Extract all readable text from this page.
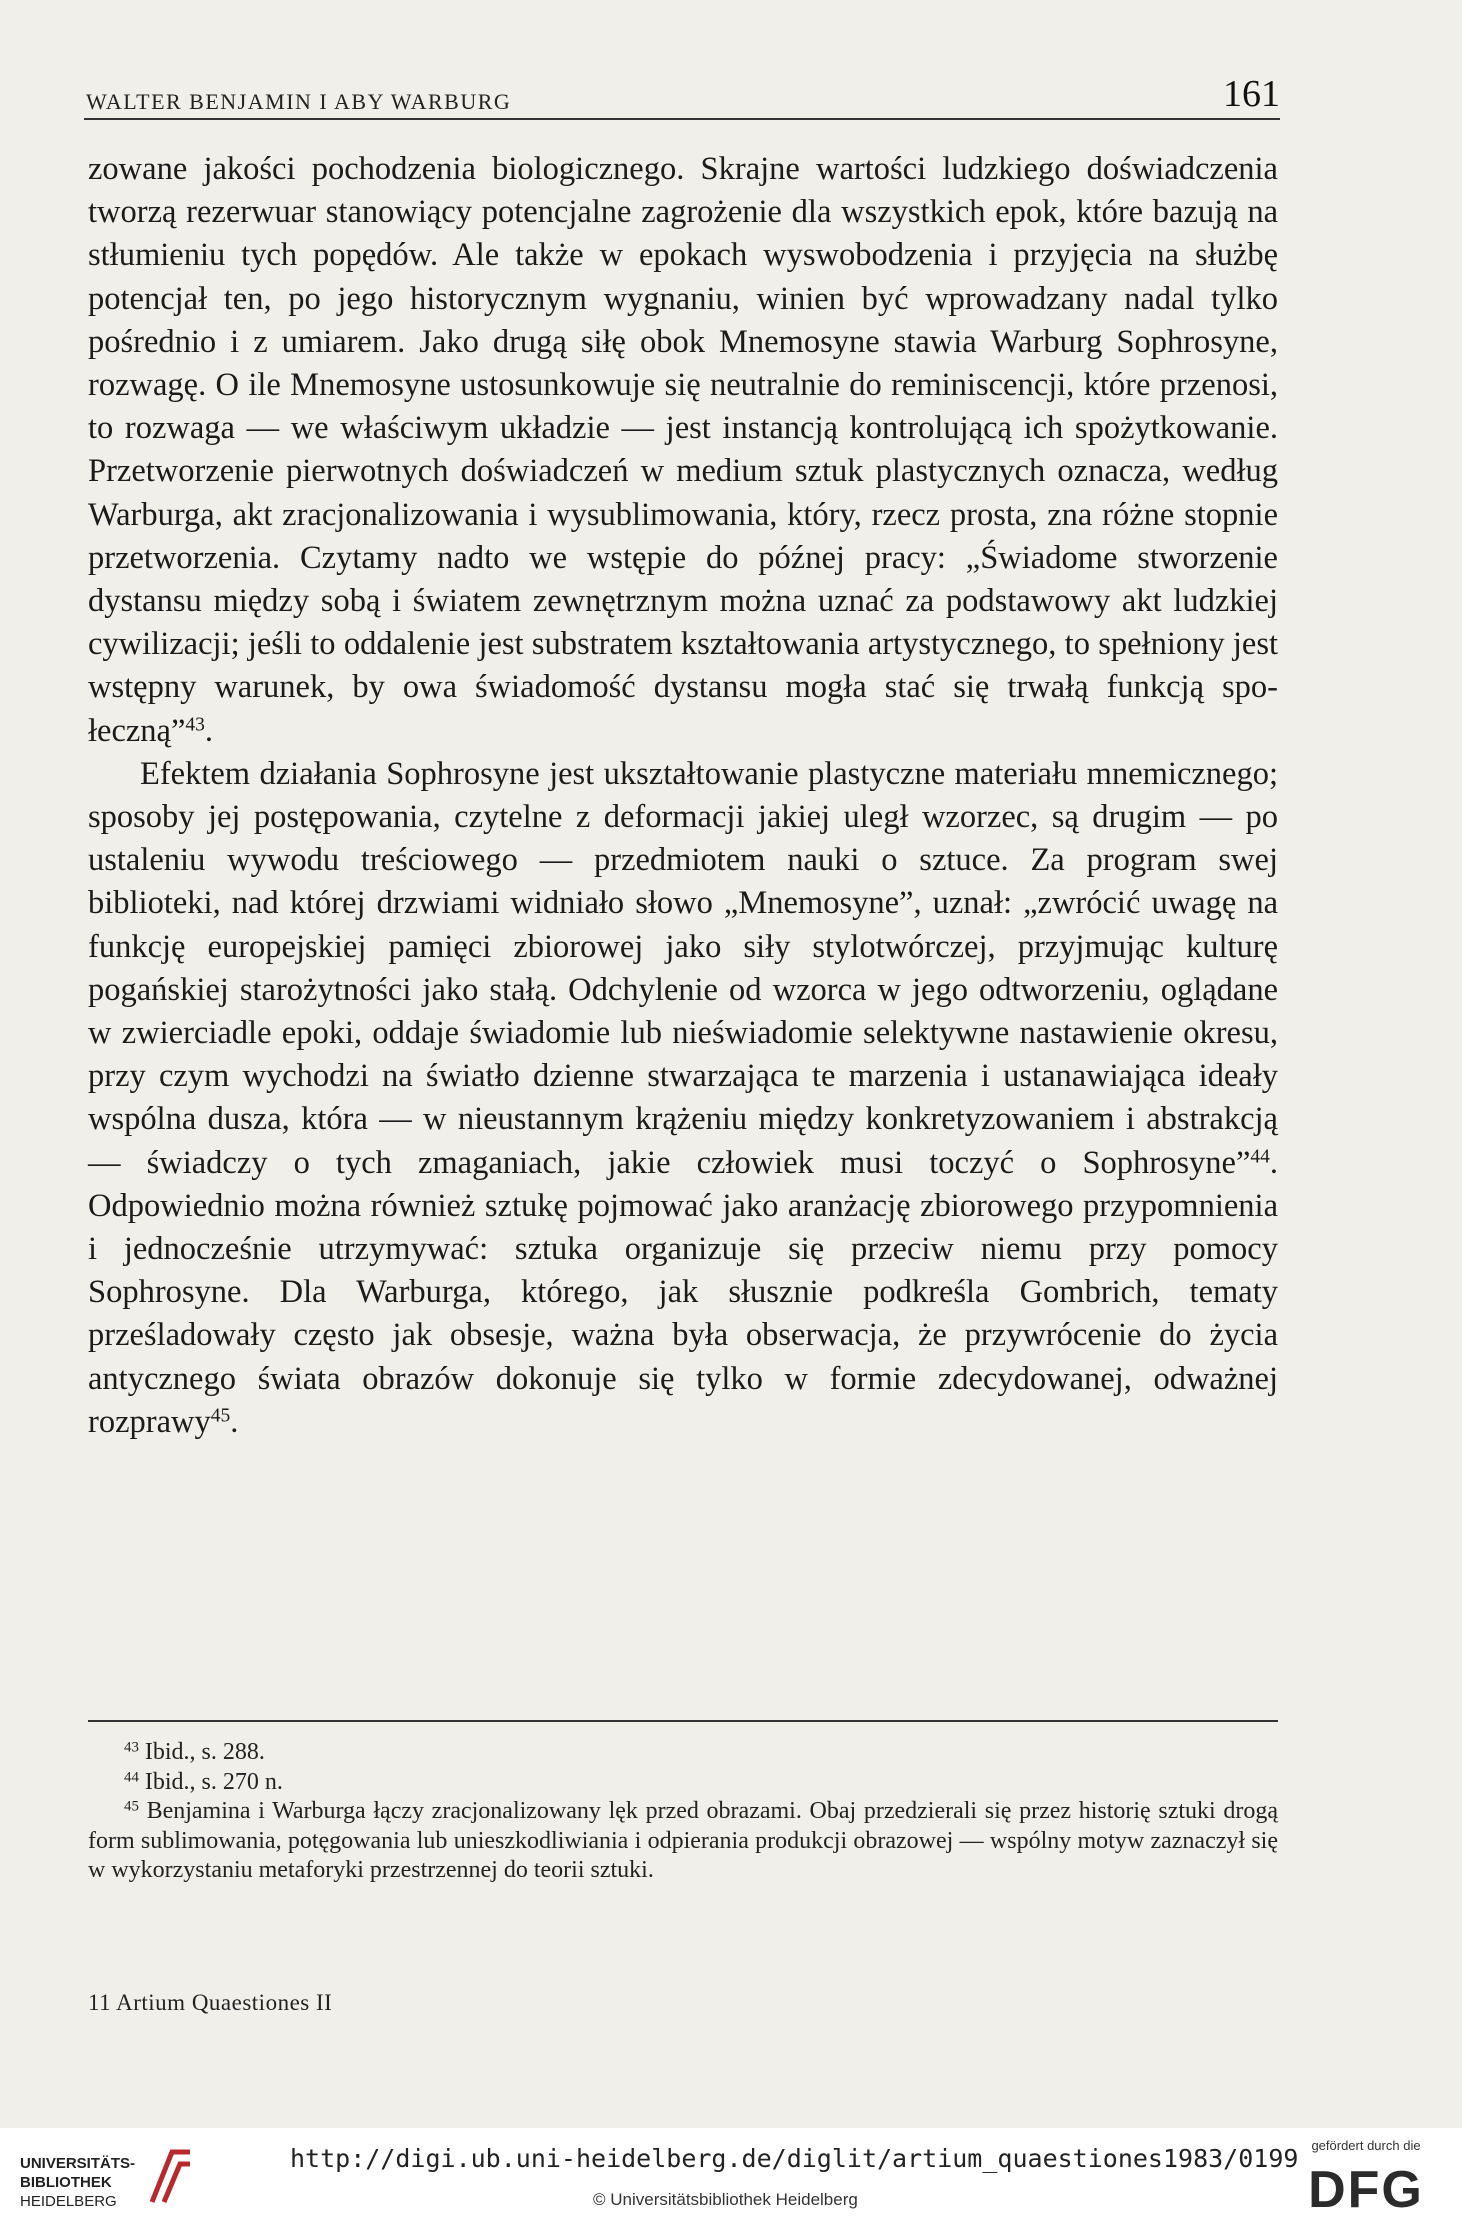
WALTER BENJAMIN I ABY WARBURG	161

zowane jakości pochodzenia biologicznego. Skrajne wartości ludzkiego doświadczenia tworzą rezerwuar stanowiący potencjalne zagrożenie dla wszystkich epok, które bazują na stłumieniu tych popędów. Ale także w epokach wyswobodzenia i przyjęcia na służbę potencjał ten, po jego historycznym wygnaniu, winien być wprowadzany nadal tylko pośrednio i z umiarem. Jako drugą siłę obok Mnemosyne stawia Warburg Sophrosyne, rozwagę. O ile Mnemosyne ustosunkowuje się neutralnie do reminiscencji, które przenosi, to rozwaga — we właściwym układzie — jest instancją kontrolującą ich spożytkowanie. Przetworzenie pierwotnych doświadczeń w medium sztuk plastycznych oznacza, według Warburga, akt zracjonalizowania i wysublimowania, który, rzecz prosta, zna różne stopnie przetworzenia. Czytamy nadto we wstępie do późnej pracy: „Świadome stworzenie dystansu między sobą i światem zewnętrznym można uznać za podstawowy akt ludzkiej cywilizacji; jeśli to oddalenie jest substratem kształtowania artystycznego, to spełniony jest wstępny warunek, by owa świadomość dystansu mogła stać się trwałą funkcją społeczną”$^{43}$.

Efektem działania Sophrosyne jest ukształtowanie plastyczne materiału mnemicznego; sposoby jej postępowania, czytelne z deformacji jakiej uległ wzorzec, są drugim — po ustaleniu wywodu treściowego — przedmiotem nauki o sztuce. Za program swej biblioteki, nad której drzwiami widniało słowo „Mnemosyne”, uznał: „zwrócić uwagę na funkcję europejskiej pamięci zbiorowej jako siły stylotwórczej, przyjmując kulturę pogańskiej starożytności jako stałą. Odchylenie od wzorca w jego odtworzeniu, oglądane w zwierciadle epoki, oddaje świadomie lub nieświadomie selektywne nastawienie okresu, przy czym wychodzi na światło dzienne stwarzająca te marzenia i ustanawiająca ideały wspólna dusza, która — w nieustannym krążeniu między konkretyzowaniem i abstrakcją — świadczy o tych zmaganiach, jakie człowiek musi toczyć o Sophrosyne”$^{44}$. Odpowiednio można również sztukę pojmować jako aranżację zbiorowego przypomnienia i jednocześnie utrzymywać: sztuka organizuje się przeciw niemu przy pomocy Sophrosyne. Dla Warburga, którego, jak słusznie podkreśla Gombrich, tematy prześladowały często jak obsesje, ważna była obserwacja, że przywrócenie do życia antycznego świata obrazów dokonuje się tylko w formie zdecydowanej, odważnej rozprawy$^{45}$.

$^{43}$ Ibid., s. 288.

$^{44}$ Ibid., s. 270 n.

$^{45}$ Benjamina i Warburga łączy zracjonalizowany lęk przed obrazami. Obaj przedzierali się przez historię sztuki drogą form sublimowania, potęgowania lub unieszkodliwiania i odpierania produkcji obrazowej — wspólny motyw zaznaczył się w wykorzystaniu metaforyki przestrzennej do teorii sztuki.

11 Artium Quaestiones II
UNIVERSITÄTS-
BIBLIOTHEK
HEIDELBERG
http://digi.ub.uni-heidelberg.de/diglit/artium_quaestiones1983/0199
© Universitätsbibliothek Heidelberg
gefördert durch die
DFG
